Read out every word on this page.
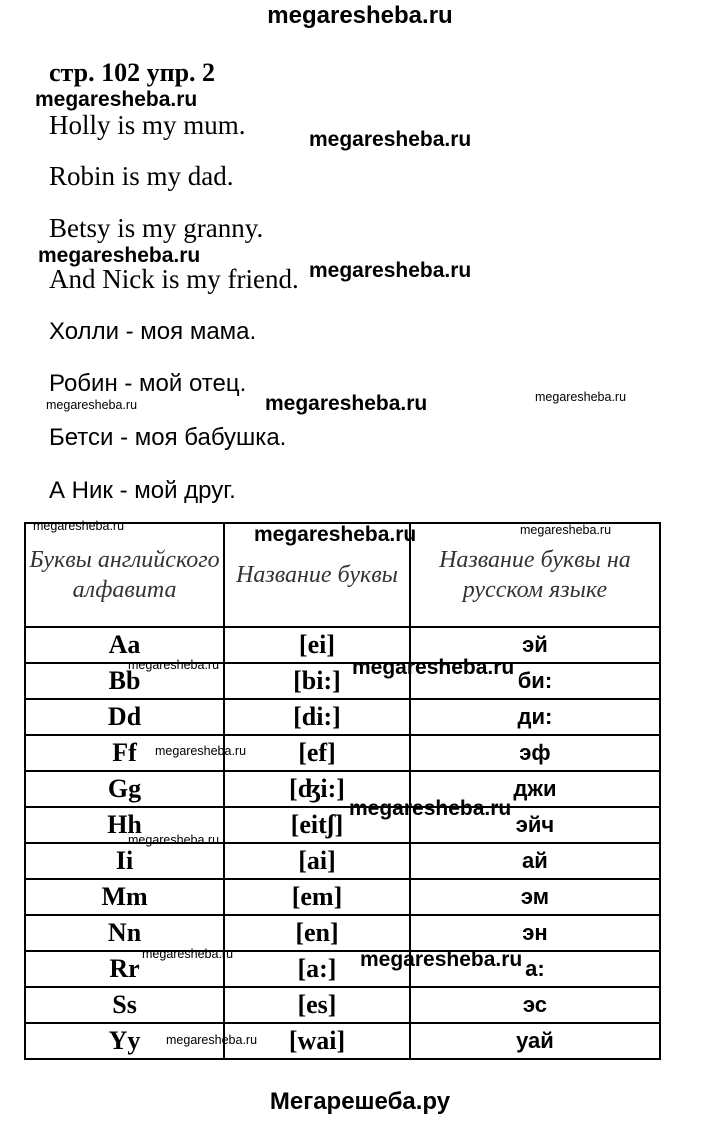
megaresheba.ru
стр. 102 упр. 2
Holly is my mum.
Robin is my dad.
Betsy is my granny.
And Nick is my friend.
Холли - моя мама.
Робин - мой отец.
Бетси - моя бабушка.
А Ник - мой друг.
Буквы английского алфавита	Название буквы	Название буквы на русском языке
Aa	[ei]	эй
Bb	[bi:]	би:
Dd	[di:]	ди:
Ff	[ef]	эф
Gg	[ʤi:]	джи
Hh	[eitʃ]	эйч
Ii	[ai]	ай
Mm	[em]	эм
Nn	[en]	эн
Rr	[a:]	а:
Ss	[es]	эс
Yy	[wai]	уай
megaresheba.ru
megaresheba.ru
megaresheba.ru
megaresheba.ru
megaresheba.ru
megaresheba.ru
megaresheba.ru
megaresheba.ru	megaresheba.ru	megaresheba.ru
megaresheba.ru	megaresheba.ru
megaresheba.ru
megaresheba.ru
megaresheba.ru
megaresheba.ru	megaresheba.ru
megaresheba.ru
Мегарешеба.ру
